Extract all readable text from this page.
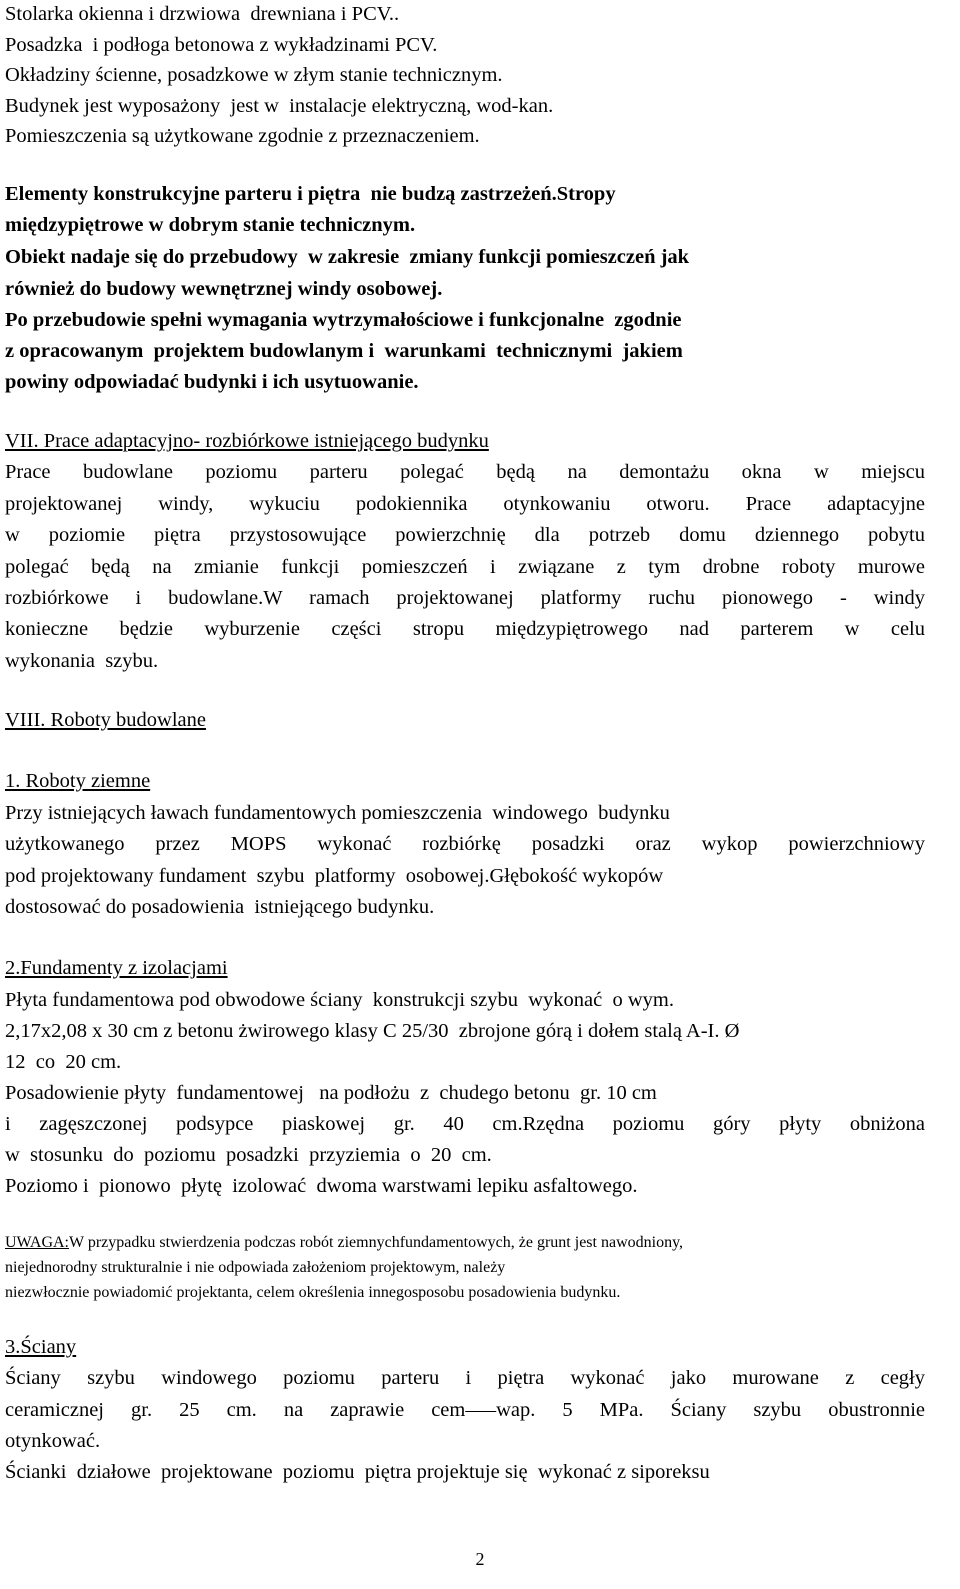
Stolarka okienna i drzwiowa  drewniana i PCV..

Posadzka  i podłoga betonowa z wykładzinami PCV.

Okładziny ścienne, posadzkowe w złym stanie technicznym.

Budynek jest wyposażony  jest w  instalacje elektryczną, wod-kan.

Pomieszczenia są użytkowane zgodnie z przeznaczeniem.

Elementy konstrukcyjne parteru i piętra  nie budzą zastrzeżeń.Stropy

międzypiętrowe w dobrym stanie technicznym.

Obiekt nadaje się do przebudowy  w zakresie  zmiany funkcji pomieszczeń jak

również do budowy wewnętrznej windy osobowej.

Po przebudowie spełni wymagania wytrzymałościowe i funkcjonalne  zgodnie

z opracowanym  projektem budowlanym i  warunkami  technicznymi  jakiem

powiny odpowiadać budynki i ich usytuowanie.

VII. Prace adaptacyjno- rozbiórkowe istniejącego budynku

Prace budowlane poziomu parteru polegać będą na demontażu okna w miejscu

projektowanej windy, wykuciu podokiennika otynkowaniu otworu. Prace adaptacyjne

w poziomie piętra przystosowujące powierzchnię dla potrzeb domu dziennego pobytu

polegać będą na zmianie funkcji pomieszczeń i związane z tym drobne roboty murowe

rozbiórkowe i budowlane.W ramach projektowanej platformy ruchu pionowego - windy

konieczne będzie wyburzenie części stropu międzypiętrowego nad parterem w celu

wykonania  szybu.

VIII. Roboty budowlane

1. Roboty ziemne

Przy istniejących ławach fundamentowych pomieszczenia  windowego  budynku

użytkowanego przez MOPS wykonać rozbiórkę posadzki oraz wykop powierzchniowy

pod projektowany fundament  szybu  platformy  osobowej.Głębokość wykopów

dostosować do posadowienia  istniejącego budynku.

2.Fundamenty z izolacjami

Płyta fundamentowa pod obwodowe ściany  konstrukcji szybu  wykonać  o wym.

2,17x2,08 x 30 cm z betonu żwirowego klasy C 25/30  zbrojone górą i dołem stalą A-I. Ø

12  co  20 cm.

Posadowienie płyty  fundamentowej   na podłożu  z  chudego betonu  gr. 10 cm

i zagęszczonej podsypce piaskowej gr. 40 cm.Rzędna poziomu góry płyty obniżona

w  stosunku  do  poziomu  posadzki  przyziemia  o  20  cm.

Poziomo i  pionowo  płytę  izolować  dwoma warstwami lepiku asfaltowego.

UWAGA:W przypadku stwierdzenia podczas robót ziemnychfundamentowych, że grunt jest nawodniony,

niejednorodny strukturalnie i nie odpowiada założeniom projektowym, należy

niezwłocznie powiadomić projektanta, celem określenia innegosposobu posadowienia budynku.

3.Ściany

Ściany szybu windowego poziomu parteru i piętra wykonać jako murowane z cegły

ceramicznej gr. 25 cm. na zaprawie cem–—wap. 5 MPa. Ściany szybu obustronnie

otynkować.

Ścianki  działowe  projektowane  poziomu  piętra projektuje się  wykonać z siporeksu

2
